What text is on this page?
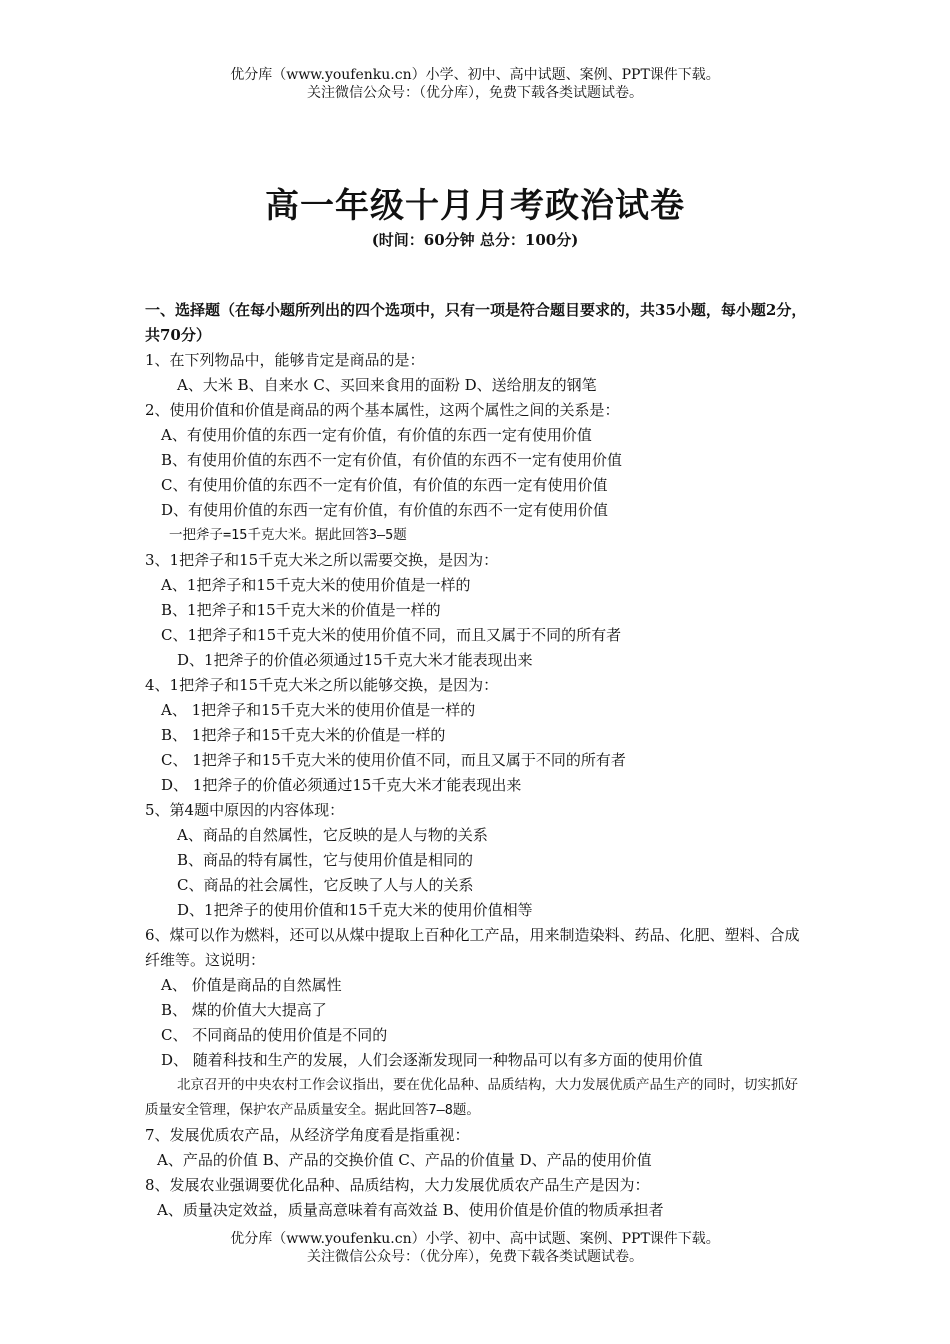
优分库（www.youfenku.cn）小学、初中、高中试题、案例、PPT课件下载。
关注微信公众号：（优分库），免费下载各类试题试卷。
高一年级十月月考政治试卷
(时间：60分钟 总分：100分)
一、选择题（在每小题所列出的四个选项中，只有一项是符合题目要求的，共35小题，每小题2分，共70分）
1、在下列物品中，能够肯定是商品的是：
A、大米 B、自来水 C、买回来食用的面粉 D、送给朋友的钢笔
2、使用价值和价值是商品的两个基本属性，这两个属性之间的关系是：
A、有使用价值的东西一定有价值，有价值的东西一定有使用价值
B、有使用价值的东西不一定有价值，有价值的东西不一定有使用价值
C、有使用价值的东西不一定有价值，有价值的东西一定有使用价值
D、有使用价值的东西一定有价值，有价值的东西不一定有使用价值
一把斧子=15千克大米。据此回答3—5题
3、1把斧子和15千克大米之所以需要交换，是因为：
A、1把斧子和15千克大米的使用价值是一样的
B、1把斧子和15千克大米的价值是一样的
C、1把斧子和15千克大米的使用价值不同，而且又属于不同的所有者
D、1把斧子的价值必须通过15千克大米才能表现出来
4、1把斧子和15千克大米之所以能够交换，是因为：
A、 1把斧子和15千克大米的使用价值是一样的
B、 1把斧子和15千克大米的价值是一样的
C、 1把斧子和15千克大米的使用价值不同，而且又属于不同的所有者
D、 1把斧子的价值必须通过15千克大米才能表现出来
5、第4题中原因的内容体现：
A、商品的自然属性，它反映的是人与物的关系
B、商品的特有属性，它与使用价值是相同的
C、商品的社会属性，它反映了人与人的关系
D、1把斧子的使用价值和15千克大米的使用价值相等
6、煤可以作为燃料，还可以从煤中提取上百种化工产品，用来制造染料、药品、化肥、塑料、合成纤维等。这说明：
A、 价值是商品的自然属性
B、 煤的价值大大提高了
C、 不同商品的使用价值是不同的
D、 随着科技和生产的发展，人们会逐渐发现同一种物品可以有多方面的使用价值
北京召开的中央农村工作会议指出，要在优化品种、品质结构，大力发展优质产品生产的同时，切实抓好质量安全管理，保护农产品质量安全。据此回答7—8题。
7、发展优质农产品，从经济学角度看是指重视：
A、产品的价值 B、产品的交换价值 C、产品的价值量 D、产品的使用价值
8、发展农业强调要优化品种、品质结构，大力发展优质农产品生产是因为：
A、质量决定效益，质量高意味着有高效益 B、使用价值是价值的物质承担者
优分库（www.youfenku.cn）小学、初中、高中试题、案例、PPT课件下载。
关注微信公众号：（优分库），免费下载各类试题试卷。
